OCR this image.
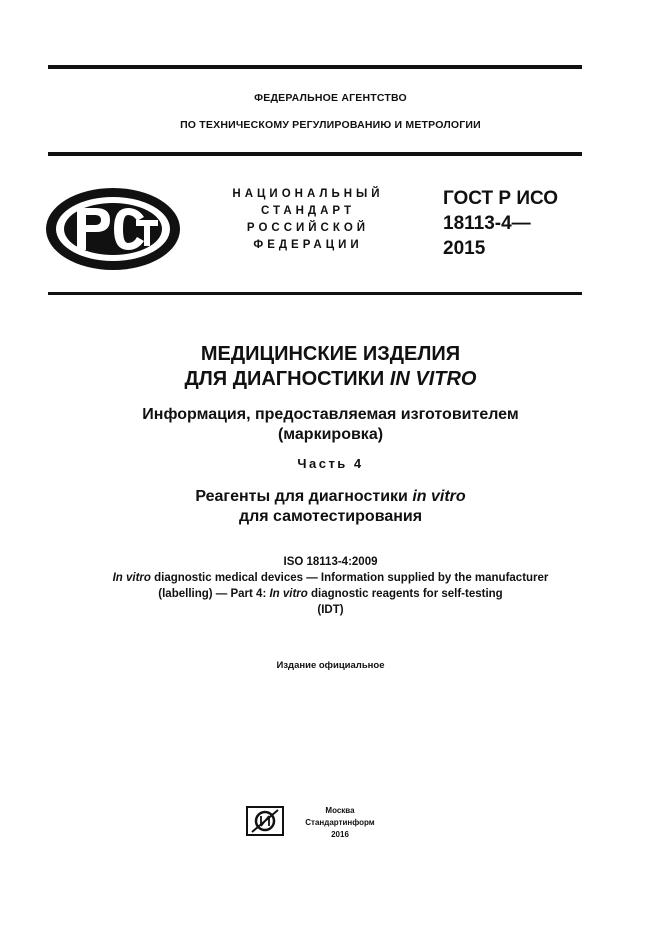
ФЕДЕРАЛЬНОЕ АГЕНТСТВО
ПО ТЕХНИЧЕСКОМУ РЕГУЛИРОВАНИЮ И МЕТРОЛОГИИ
НАЦИОНАЛЬНЫЙ
СТАНДАРТ
РОССИЙСКОЙ
ФЕДЕРАЦИИ
ГОСТ Р ИСО
18113-4—
2015
МЕДИЦИНСКИЕ ИЗДЕЛИЯ
ДЛЯ ДИАГНОСТИКИ IN VITRO
Информация, предоставляемая изготовителем
(маркировка)
Часть 4
Реагенты для диагностики in vitro
для самотестирования
ISO 18113-4:2009
In vitro diagnostic medical devices — Information supplied by the manufacturer
(labelling) — Part 4: In vitro diagnostic reagents for self-testing
(IDT)
Издание официальное
Москва
Стандартинформ
2016
